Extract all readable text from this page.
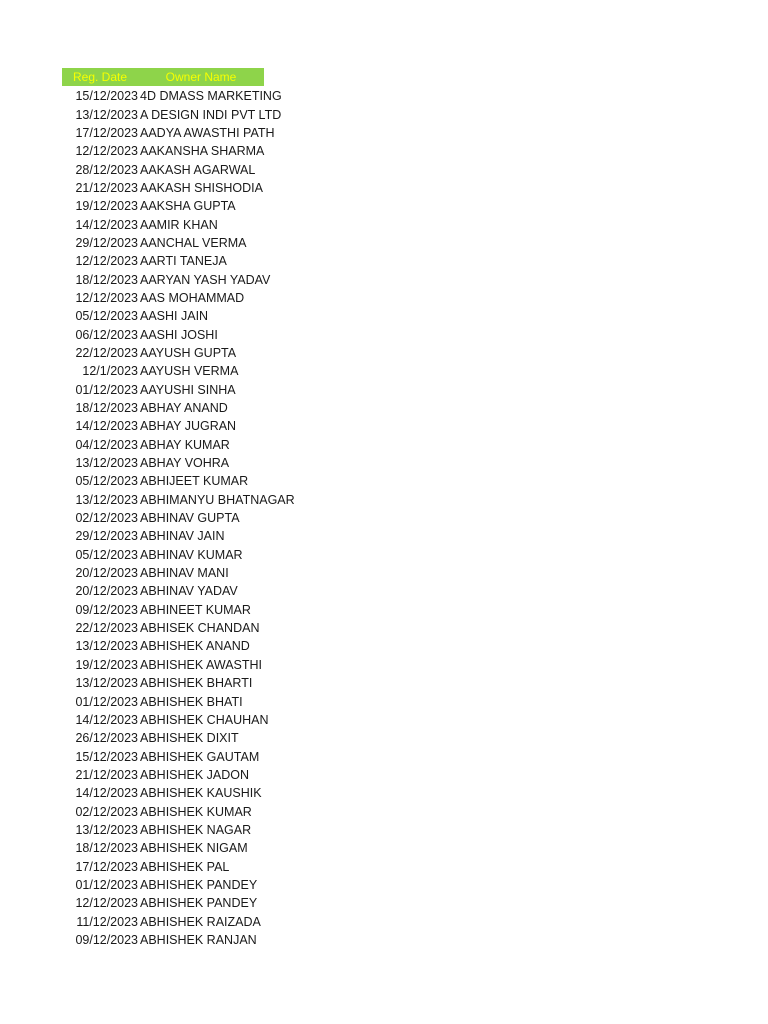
Reg. Date	Owner Name
15/12/2023 4D DMASS MARKETING
13/12/2023 A DESIGN INDI PVT LTD
17/12/2023 AADYA AWASTHI PATH
12/12/2023 AAKANSHA SHARMA
28/12/2023 AAKASH AGARWAL
21/12/2023 AAKASH SHISHODIA
19/12/2023 AAKSHA GUPTA
14/12/2023 AAMIR KHAN
29/12/2023 AANCHAL VERMA
12/12/2023 AARTI TANEJA
18/12/2023 AARYAN YASH YADAV
12/12/2023 AAS MOHAMMAD
05/12/2023 AASHI JAIN
06/12/2023 AASHI JOSHI
22/12/2023 AAYUSH GUPTA
12/1/2023 AAYUSH VERMA
01/12/2023 AAYUSHI SINHA
18/12/2023 ABHAY ANAND
14/12/2023 ABHAY JUGRAN
04/12/2023 ABHAY KUMAR
13/12/2023 ABHAY VOHRA
05/12/2023 ABHIJEET KUMAR
13/12/2023 ABHIMANYU BHATNAGAR
02/12/2023 ABHINAV GUPTA
29/12/2023 ABHINAV JAIN
05/12/2023 ABHINAV KUMAR
20/12/2023 ABHINAV MANI
20/12/2023 ABHINAV YADAV
09/12/2023 ABHINEET KUMAR
22/12/2023 ABHISEK CHANDAN
13/12/2023 ABHISHEK ANAND
19/12/2023 ABHISHEK AWASTHI
13/12/2023 ABHISHEK BHARTI
01/12/2023 ABHISHEK BHATI
14/12/2023 ABHISHEK CHAUHAN
26/12/2023 ABHISHEK DIXIT
15/12/2023 ABHISHEK GAUTAM
21/12/2023 ABHISHEK JADON
14/12/2023 ABHISHEK KAUSHIK
02/12/2023 ABHISHEK KUMAR
13/12/2023 ABHISHEK NAGAR
18/12/2023 ABHISHEK NIGAM
17/12/2023 ABHISHEK PAL
01/12/2023 ABHISHEK PANDEY
12/12/2023 ABHISHEK PANDEY
11/12/2023 ABHISHEK RAIZADA
09/12/2023 ABHISHEK RANJAN
